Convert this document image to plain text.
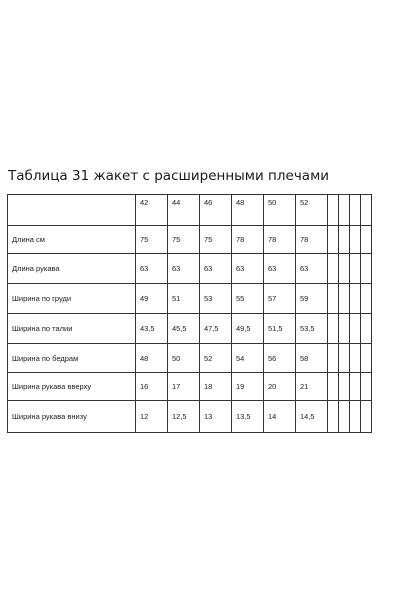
Таблица 31 жакет с расширенными плечами
	42	44	46	48	50	52				
Длина см	75	75	75	78	78	78				
Длина рукава	63	63	63	63	63	63				
Ширина по груди	49	51	53	55	57	59				
Ширина по талии	43,5	45,5	47,5	49,5	51,5	53,5				
Ширина по бедрам	48	50	52	54	56	58				
Ширина рукава вверху	16	17	18	19	20	21				
Ширина рукава внизу	12	12,5	13	13,5	14	14,5				
